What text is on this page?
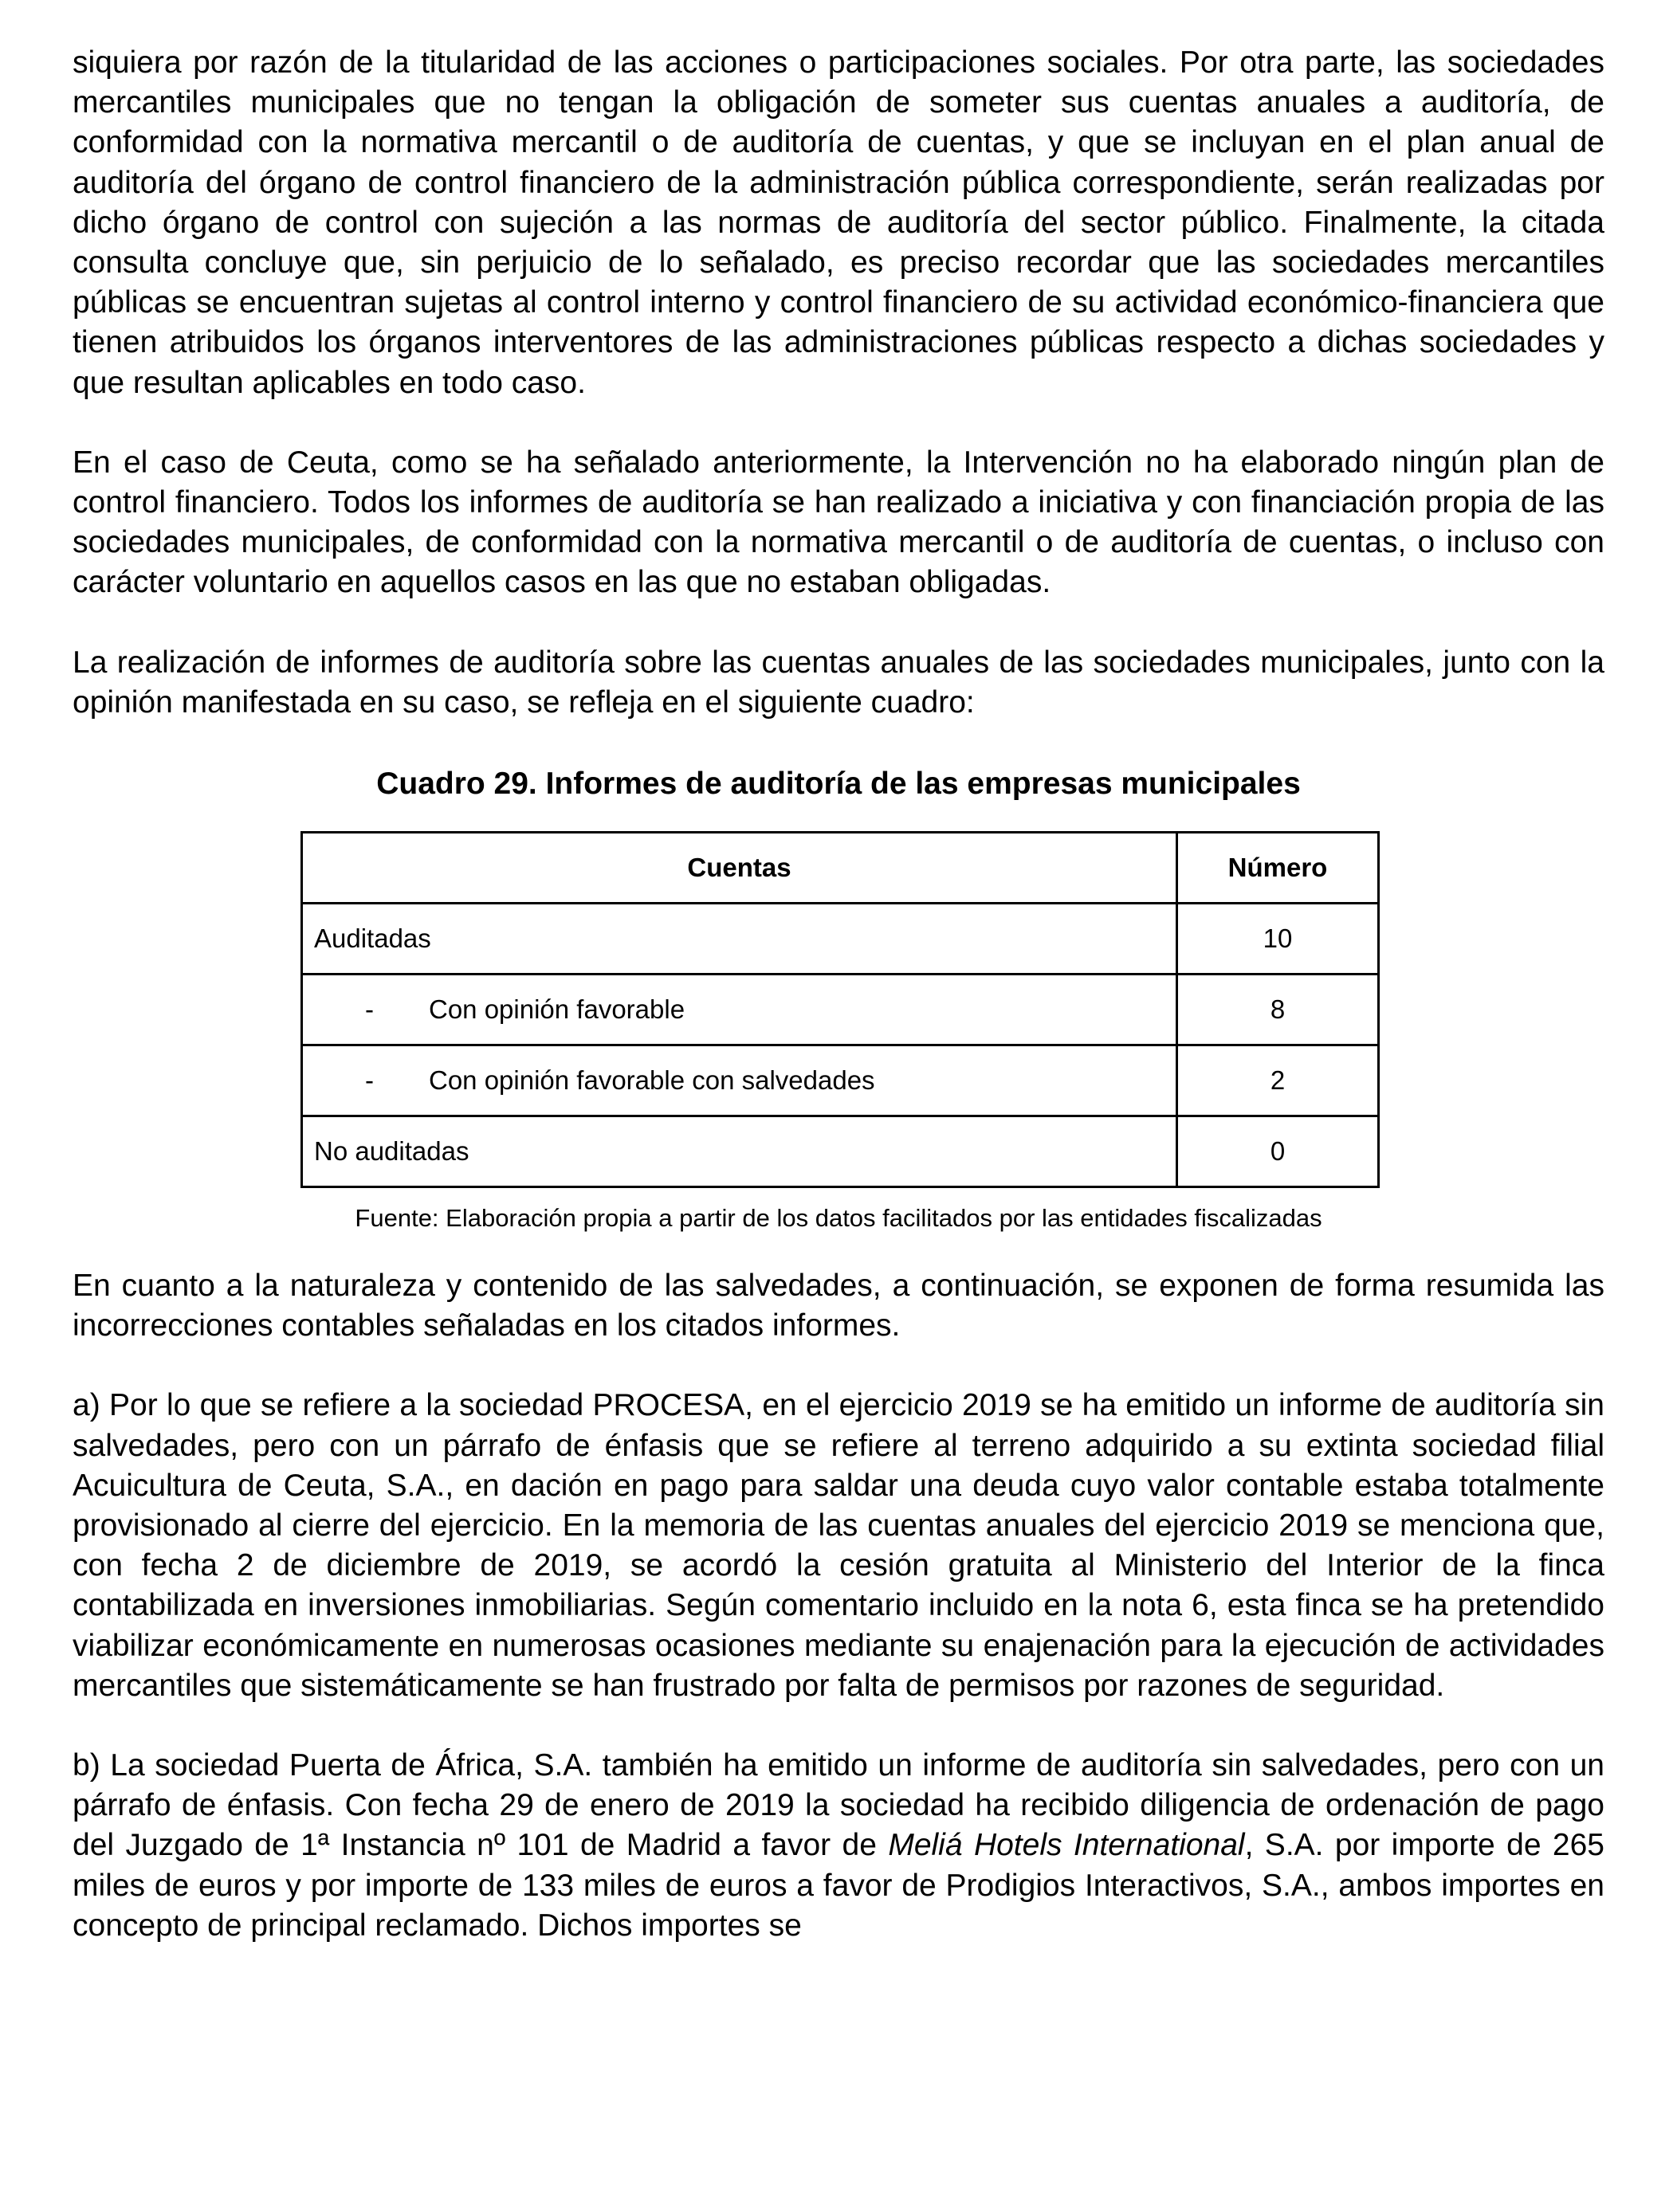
siquiera por razón de la titularidad de las acciones o participaciones sociales. Por otra parte, las sociedades mercantiles municipales que no tengan la obligación de someter sus cuentas anuales a auditoría, de conformidad con la normativa mercantil o de auditoría de cuentas, y que se incluyan en el plan anual de auditoría del órgano de control financiero de la administración pública correspondiente, serán realizadas por dicho órgano de control con sujeción a las normas de auditoría del sector público. Finalmente, la citada consulta concluye que, sin perjuicio de lo señalado, es preciso recordar que las sociedades mercantiles públicas se encuentran sujetas al control interno y control financiero de su actividad económico-financiera que tienen atribuidos los órganos interventores de las administraciones públicas respecto a dichas sociedades y que resultan aplicables en todo caso.

En el caso de Ceuta, como se ha señalado anteriormente, la Intervención no ha elaborado ningún plan de control financiero. Todos los informes de auditoría se han realizado a iniciativa y con financiación propia de las sociedades municipales, de conformidad con la normativa mercantil o de auditoría de cuentas, o incluso con carácter voluntario en aquellos casos en las que no estaban obligadas.

La realización de informes de auditoría sobre las cuentas anuales de las sociedades municipales, junto con la opinión manifestada en su caso, se refleja en el siguiente cuadro:

Cuadro 29. Informes de auditoría de las empresas municipales
Cuentas	Número
Auditadas	10
- Con opinión favorable	8
- Con opinión favorable con salvedades	2
No auditadas	0
Fuente: Elaboración propia a partir de los datos facilitados por las entidades fiscalizadas

En cuanto a la naturaleza y contenido de las salvedades, a continuación, se exponen de forma resumida las incorrecciones contables señaladas en los citados informes.

a) Por lo que se refiere a la sociedad PROCESA, en el ejercicio 2019 se ha emitido un informe de auditoría sin salvedades, pero con un párrafo de énfasis que se refiere al terreno adquirido a su extinta sociedad filial Acuicultura de Ceuta, S.A., en dación en pago para saldar una deuda cuyo valor contable estaba totalmente provisionado al cierre del ejercicio. En la memoria de las cuentas anuales del ejercicio 2019 se menciona que, con fecha 2 de diciembre de 2019, se acordó la cesión gratuita al Ministerio del Interior de la finca contabilizada en inversiones inmobiliarias. Según comentario incluido en la nota 6, esta finca se ha pretendido viabilizar económicamente en numerosas ocasiones mediante su enajenación para la ejecución de actividades mercantiles que sistemáticamente se han frustrado por falta de permisos por razones de seguridad.

b) La sociedad Puerta de África, S.A. también ha emitido un informe de auditoría sin salvedades, pero con un párrafo de énfasis. Con fecha 29 de enero de 2019 la sociedad ha recibido diligencia de ordenación de pago del Juzgado de 1ª Instancia nº 101 de Madrid a favor de Meliá Hotels International, S.A. por importe de 265 miles de euros y por importe de 133 miles de euros a favor de Prodigios Interactivos, S.A., ambos importes en concepto de principal reclamado. Dichos importes se
